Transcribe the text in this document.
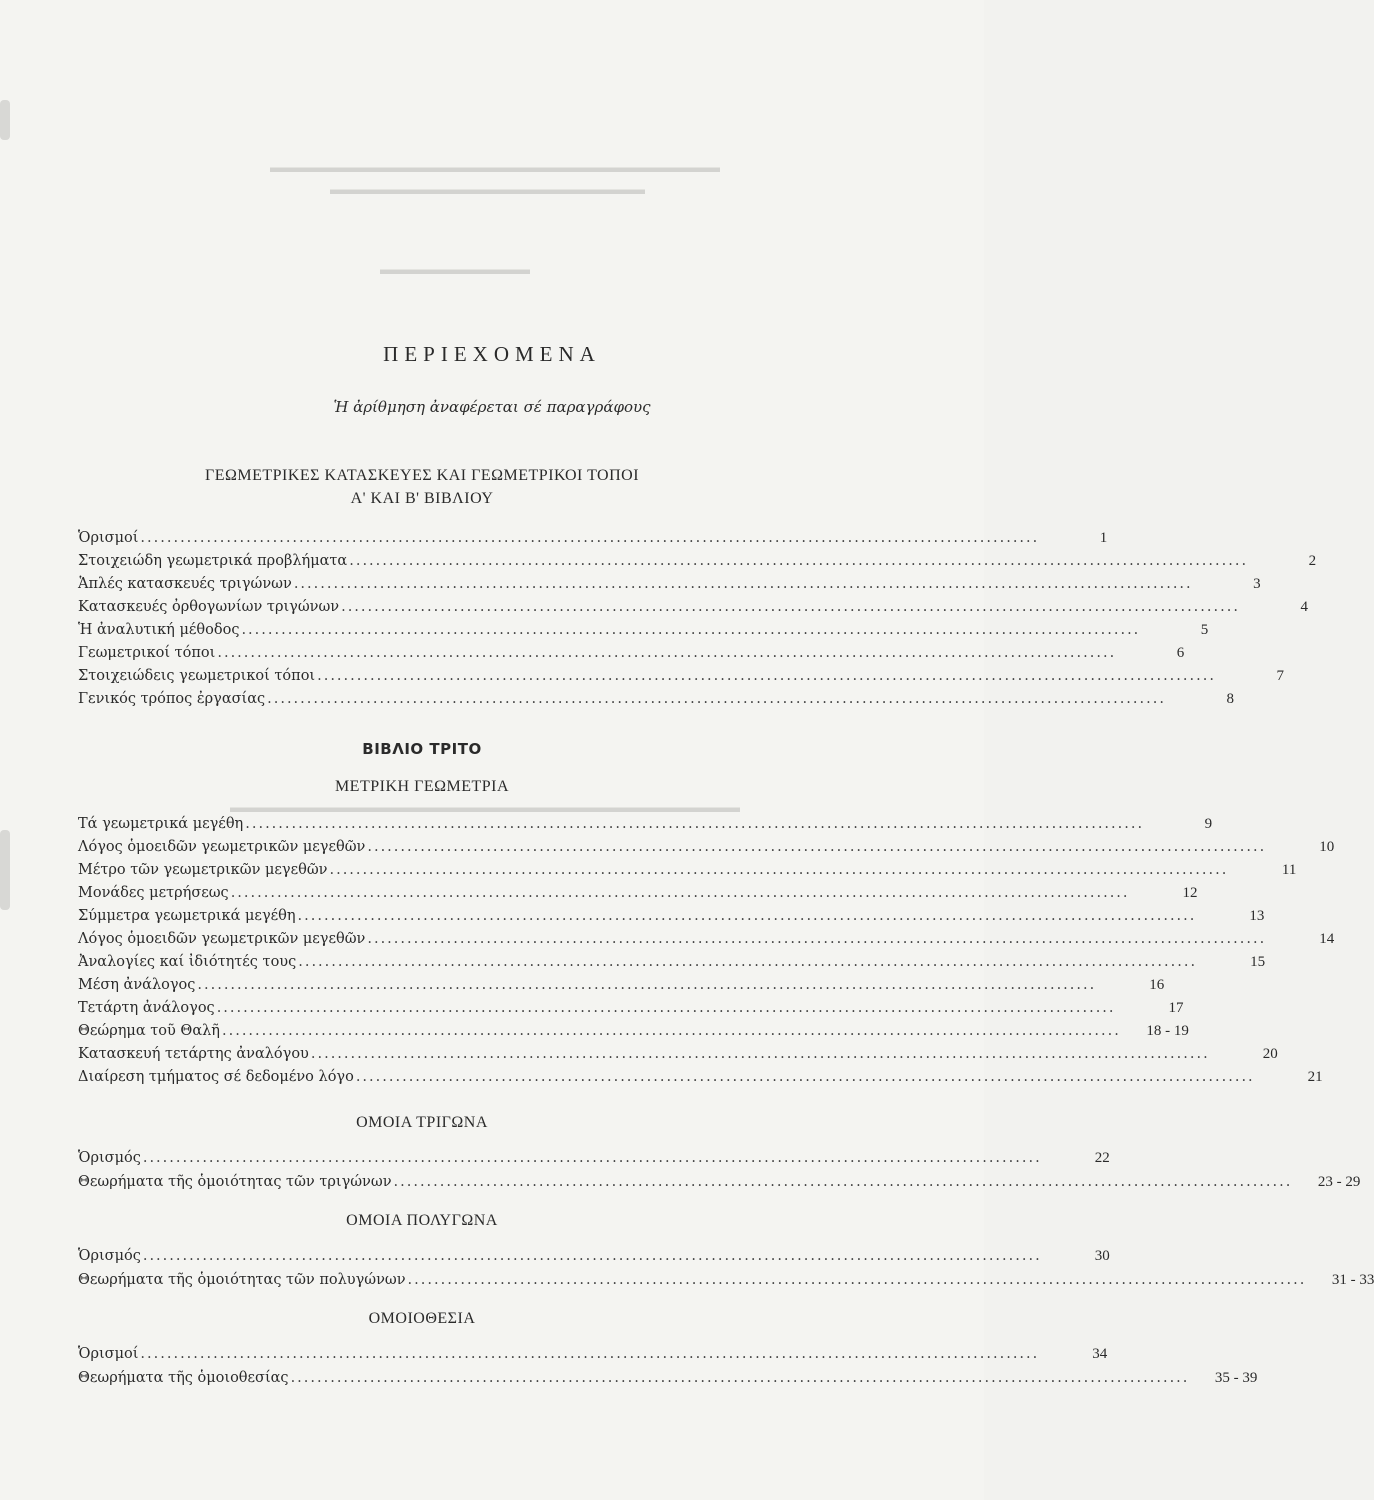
▬▬▬▬▬▬▬▬▬▬▬▬▬▬▬▬▬▬▬▬▬▬▬▬▬▬▬▬▬▬
▬▬▬▬▬▬▬▬▬▬▬▬▬▬▬▬▬▬▬▬▬
▬▬▬▬▬▬▬▬▬▬
▬▬▬▬▬▬▬▬▬▬▬▬▬▬▬▬▬▬▬▬▬▬▬▬▬▬▬▬▬▬▬▬▬▬
ΠΕΡΙΕΧΟΜΕΝΑ
Ἡ ἀρίθμηση ἀναφέρεται σέ παραγράφους
ΓΕΩΜΕΤΡΙΚΕΣ ΚΑΤΑΣΚΕΥΕΣ ΚΑΙ ΓΕΩΜΕΤΡΙΚΟΙ ΤΟΠΟΙ
Α' ΚΑΙ Β' ΒΙΒΛΙΟΥ
Ὁρισμοί ........................................................................................................................................	1
Στοιχειώδη γεωμετρικά προβλήματα ........................................................................................................................................	2
Ἁπλές κατασκευές τριγώνων ........................................................................................................................................	3
Κατασκευές ὀρθογωνίων τριγώνων ........................................................................................................................................	4
Ἡ ἀναλυτική μέθοδος ........................................................................................................................................	5
Γεωμετρικοί τόποι ........................................................................................................................................	6
Στοιχειώδεις γεωμετρικοί τόποι ........................................................................................................................................	7
Γενικός τρόπος ἐργασίας ........................................................................................................................................	8
ΒΙΒΛΙΟ ΤΡΙΤΟ
ΜΕΤΡΙΚΗ ΓΕΩΜΕΤΡΙΑ
Τά γεωμετρικά μεγέθη ........................................................................................................................................	9
Λόγος ὁμοειδῶν γεωμετρικῶν μεγεθῶν ........................................................................................................................................	10
Μέτρο τῶν γεωμετρικῶν μεγεθῶν ........................................................................................................................................	11
Μονάδες μετρήσεως ........................................................................................................................................	12
Σύμμετρα γεωμετρικά μεγέθη ........................................................................................................................................	13
Λόγος ὁμοειδῶν γεωμετρικῶν μεγεθῶν ........................................................................................................................................	14
Ἀναλογίες καί ἰδιότητές τους ........................................................................................................................................	15
Μέση ἀνάλογος ........................................................................................................................................	16
Τετάρτη ἀνάλογος ........................................................................................................................................	17
Θεώρημα τοῦ Θαλῆ ........................................................................................................................................	18 - 19
Κατασκευή τετάρτης ἀναλόγου ........................................................................................................................................	20
Διαίρεση τμήματος σέ δεδομένο λόγο ........................................................................................................................................	21
ΟΜΟΙΑ ΤΡΙΓΩΝΑ
Ὁρισμός ........................................................................................................................................	22
Θεωρήματα τῆς ὁμοιότητας τῶν τριγώνων ........................................................................................................................................	23 - 29
ΟΜΟΙΑ ΠΟΛΥΓΩΝΑ
Ὁρισμός ........................................................................................................................................	30
Θεωρήματα τῆς ὁμοιότητας τῶν πολυγώνων ........................................................................................................................................	31 - 33
ΟΜΟΙΟΘΕΣΙΑ
Ὁρισμοί ........................................................................................................................................	34
Θεωρήματα τῆς ὁμοιοθεσίας ........................................................................................................................................	35 - 39
